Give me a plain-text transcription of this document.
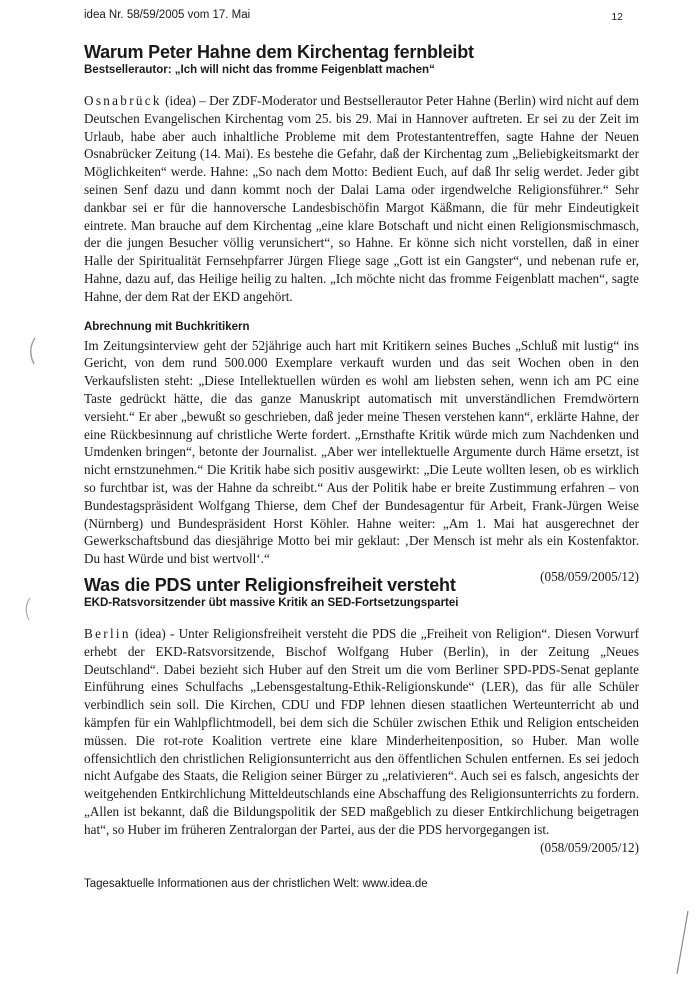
idea Nr. 58/59/2005 vom 17. Mai	12
Warum Peter Hahne dem Kirchentag fernbleibt
Bestsellerautor: „Ich will nicht das fromme Feigenblatt machen“

Osnabrück (idea) – Der ZDF-Moderator und Bestsellerautor Peter Hahne (Berlin) wird nicht auf dem Deutschen Evangelischen Kirchentag vom 25. bis 29. Mai in Hannover auftreten. Er sei zu der Zeit im Urlaub, habe aber auch inhaltliche Probleme mit dem Protestantentreffen, sagte Hahne der Neuen Osnabrücker Zeitung (14. Mai). Es bestehe die Gefahr, daß der Kirchentag zum „Beliebigkeitsmarkt der Möglichkeiten“ werde. Hahne: „So nach dem Motto: Bedient Euch, auf daß Ihr selig werdet. Jeder gibt seinen Senf dazu und dann kommt noch der Dalai Lama oder irgendwelche Religionsführer.“ Sehr dankbar sei er für die hannoversche Landesbischöfin Margot Käßmann, die für mehr Eindeutigkeit eintrete. Man brauche auf dem Kirchentag „eine klare Botschaft und nicht einen Religionsmischmasch, der die jungen Besucher völlig verunsichert“, so Hahne. Er könne sich nicht vorstellen, daß in einer Halle der Spiritualität Fernsehpfarrer Jürgen Fliege sage „Gott ist ein Gangster“, und nebenan rufe er, Hahne, dazu auf, das Heilige heilig zu halten. „Ich möchte nicht das fromme Feigenblatt machen“, sagte Hahne, der dem Rat der EKD angehört.

Abrechnung mit Buchkritikern

Im Zeitungsinterview geht der 52jährige auch hart mit Kritikern seines Buches „Schluß mit lustig“ ins Gericht, von dem rund 500.000 Exemplare verkauft wurden und das seit Wochen oben in den Verkaufslisten steht: „Diese Intellektuellen würden es wohl am liebsten sehen, wenn ich am PC eine Taste gedrückt hätte, die das ganze Manuskript automatisch mit unverständlichen Fremdwörtern versieht.“ Er aber „bewußt so geschrieben, daß jeder meine Thesen verstehen kann“, erklärte Hahne, der eine Rückbesinnung auf christliche Werte fordert. „Ernsthafte Kritik würde mich zum Nachdenken und Umdenken bringen“, betonte der Journalist. „Aber wer intellektuelle Argumente durch Häme ersetzt, ist nicht ernstzunehmen.“ Die Kritik habe sich positiv ausgewirkt: „Die Leute wollten lesen, ob es wirklich so furchtbar ist, was der Hahne da schreibt.“ Aus der Politik habe er breite Zustimmung erfahren – von Bundestagspräsident Wolfgang Thierse, dem Chef der Bundesagentur für Arbeit, Frank-Jürgen Weise (Nürnberg) und Bundespräsident Horst Köhler. Hahne weiter: „Am 1. Mai hat ausgerechnet der Gewerkschaftsbund das diesjährige Motto bei mir geklaut: ‚Der Mensch ist mehr als ein Kostenfaktor. Du hast Würde und bist wertvoll‘.“

(058/059/2005/12)

Was die PDS unter Religionsfreiheit versteht
EKD-Ratsvorsitzender übt massive Kritik an SED-Fortsetzungspartei

Berlin (idea) - Unter Religionsfreiheit versteht die PDS die „Freiheit von Religion“. Diesen Vorwurf erhebt der EKD-Ratsvorsitzende, Bischof Wolfgang Huber (Berlin), in der Zeitung „Neues Deutschland“. Dabei bezieht sich Huber auf den Streit um die vom Berliner SPD-PDS-Senat geplante Einführung eines Schulfachs „Lebensgestaltung-Ethik-Religionskunde“ (LER), das für alle Schüler verbindlich sein soll. Die Kirchen, CDU und FDP lehnen diesen staatlichen Werteunterricht ab und kämpfen für ein Wahlpflichtmodell, bei dem sich die Schüler zwischen Ethik und Religion entscheiden müssen. Die rot-rote Koalition vertrete eine klare Minderheitenposition, so Huber. Man wolle offensichtlich den christlichen Religionsunterricht aus den öffentlichen Schulen entfernen. Es sei jedoch nicht Aufgabe des Staats, die Religion seiner Bürger zu „relativieren“. Auch sei es falsch, angesichts der weitgehenden Entkirchlichung Mitteldeutschlands eine Abschaffung des Religionsunterrichts zu fordern. „Allen ist bekannt, daß die Bildungspolitik der SED maßgeblich zu dieser Entkirchlichung beigetragen hat“, so Huber im früheren Zentralorgan der Partei, aus der die PDS hervorgegangen ist.

(058/059/2005/12)

Tagesaktuelle Informationen aus der christlichen Welt: www.idea.de
